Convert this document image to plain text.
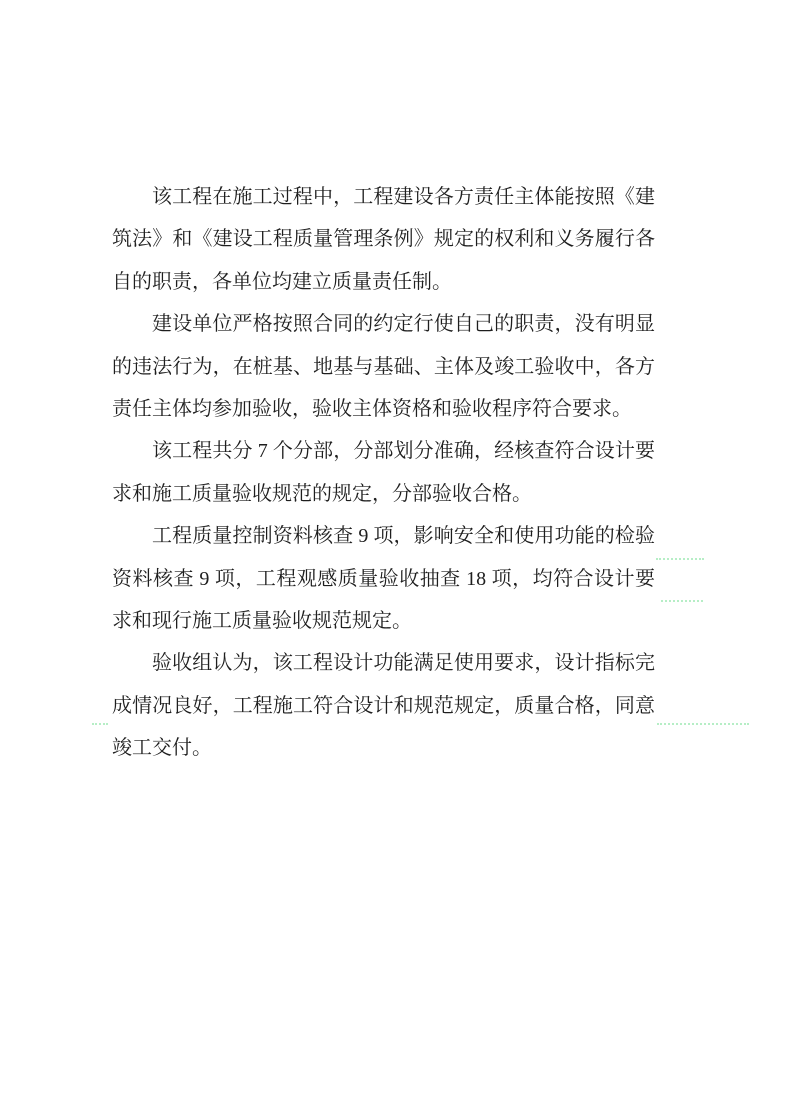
该工程在施工过程中，工程建设各方责任主体能按照《建
筑法》和《建设工程质量管理条例》规定的权利和义务履行各
自的职责，各单位均建立质量责任制。
建设单位严格按照合同的约定行使自己的职责，没有明显
的违法行为，在桩基、地基与基础、主体及竣工验收中，各方
责任主体均参加验收，验收主体资格和验收程序符合要求。
该工程共分 7 个分部，分部划分准确，经核查符合设计要
求和施工质量验收规范的规定，分部验收合格。
工程质量控制资料核查 9 项，影响安全和使用功能的检验
资料核查 9 项，工程观感质量验收抽查 18 项，均符合设计要
求和现行施工质量验收规范规定。
验收组认为，该工程设计功能满足使用要求，设计指标完
成情况良好，工程施工符合设计和规范规定，质量合格，同意
竣工交付。
